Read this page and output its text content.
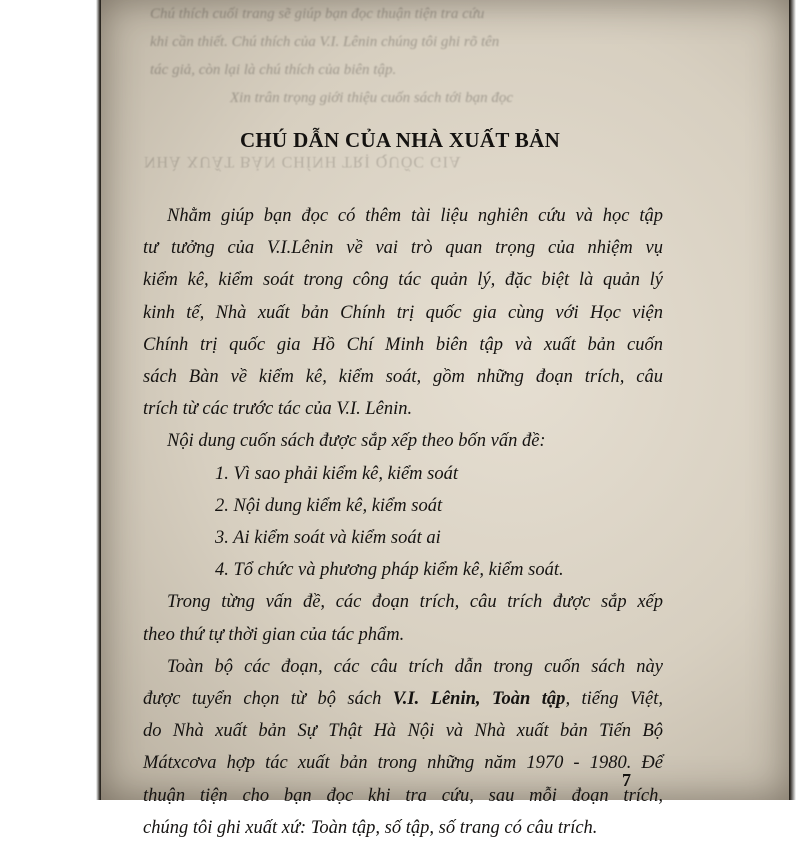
Chú thích cuối trang sẽ giúp bạn đọc thuận tiện tra cứu
khi cần thiết. Chú thích của V.I. Lênin chúng tôi ghi rõ tên
tác giả, còn lại là chú thích của biên tập.
Xin trân trọng giới thiệu cuốn sách tới bạn đọc
NHÀ XUẤT BẢN CHÍNH TRỊ QUỐC GIA
CHÚ DẪN CỦA NHÀ XUẤT BẢN
Nhằm giúp bạn đọc có thêm tài liệu nghiên cứu và học tập
tư tưởng của V.I.Lênin về vai trò quan trọng của nhiệm vụ
kiểm kê, kiểm soát trong công tác quản lý, đặc biệt là quản lý
kinh tế, Nhà xuất bản Chính trị quốc gia cùng với Học viện
Chính trị quốc gia Hồ Chí Minh biên tập và xuất bản cuốn
sách Bàn về kiểm kê, kiểm soát, gồm những đoạn trích, câu
trích từ các trước tác của V.I. Lênin.
Nội dung cuốn sách được sắp xếp theo bốn vấn đề:
1. Vì sao phải kiểm kê, kiểm soát
2. Nội dung kiểm kê, kiểm soát
3. Ai kiểm soát và kiểm soát ai
4. Tổ chức và phương pháp kiểm kê, kiểm soát.
Trong từng vấn đề, các đoạn trích, câu trích được sắp xếp
theo thứ tự thời gian của tác phẩm.
Toàn bộ các đoạn, các câu trích dẫn trong cuốn sách này
được tuyển chọn từ bộ sách V.I. Lênin, Toàn tập, tiếng Việt,
do Nhà xuất bản Sự Thật Hà Nội và Nhà xuất bản Tiến Bộ
Mátxcơva hợp tác xuất bản trong những năm 1970 - 1980. Để
thuận tiện cho bạn đọc khi tra cứu, sau mỗi đoạn trích,
chúng tôi ghi xuất xứ: Toàn tập, số tập, số trang có câu trích.
7
